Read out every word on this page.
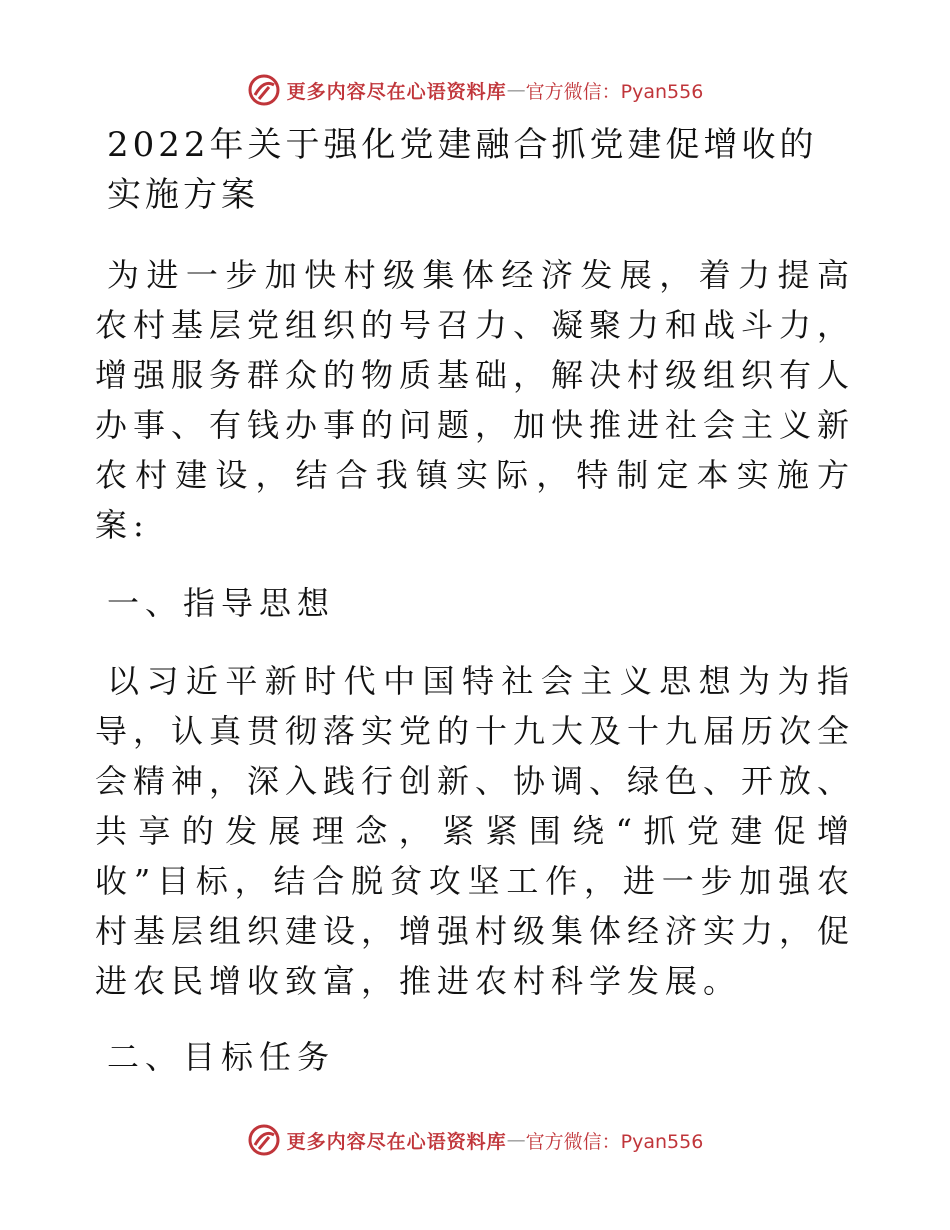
更多内容尽在心语资料库 — 官方微信：Pyan556
2022年关于强化党建融合抓党建促增收的实施方案

为进一步加快村级集体经济发展，着力提高农村基层党组织的号召力、凝聚力和战斗力，增强服务群众的物质基础，解决村级组织有人办事、有钱办事的问题，加快推进社会主义新农村建设，结合我镇实际，特制定本实施方案:

一、指导思想

以习近平新时代中国特社会主义思想为为指导，认真贯彻落实党的十九大及十九届历次全会精神，深入践行创新、协调、绿色、开放、共享的发展理念，紧紧围绕“抓党建促增收”目标，结合脱贫攻坚工作，进一步加强农村基层组织建设，增强村级集体经济实力，促进农民增收致富，推进农村科学发展。

二、目标任务
更多内容尽在心语资料库 — 官方微信：Pyan556
